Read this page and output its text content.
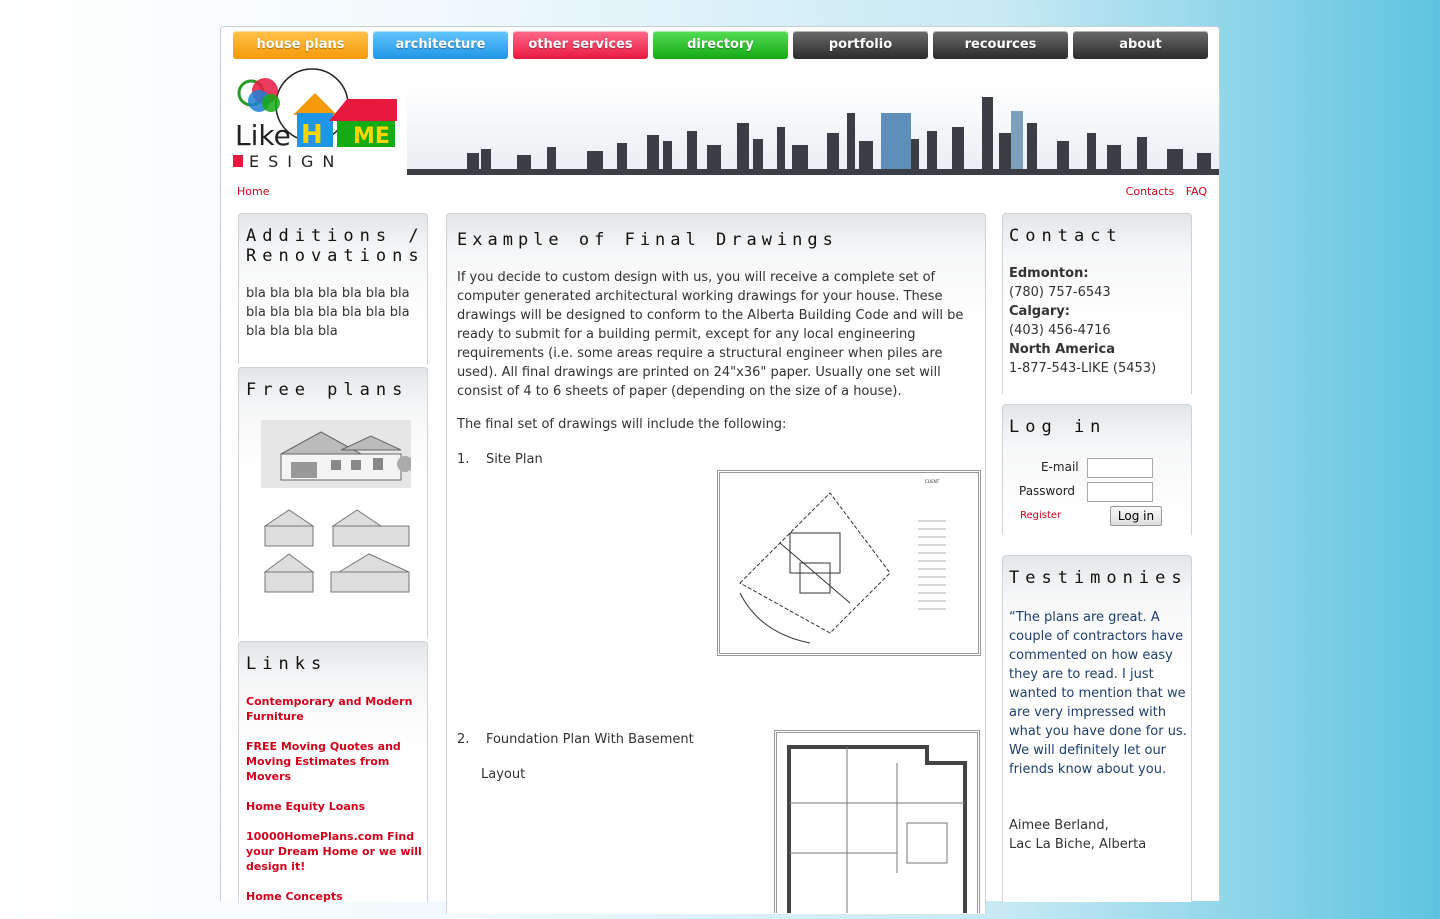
house plans	architecture	other services	directory	portfolio	recources	about
Like H ME
ESIGN
Home	Contacts FAQ
Additions / Renovations
bla bla bla bla bla bla bla bla bla bla bla bla bla bla bla bla bla bla
Free plans
Links
Contemporary and Modern Furniture
FREE Moving Quotes and Moving Estimates from Movers
Home Equity Loans
10000HomePlans.com Find your Dream Home or we will design it!
Home Concepts
Example of Final Drawings
If you decide to custom design with us, you will receive a complete set of computer generated architectural working drawings for your house. These drawings will be designed to conform to the Alberta Building Code and will be ready to submit for a building permit, except for any local engineering requirements (i.e. some areas require a structural engineer when piles are used). All final drawings are printed on 24"x36" paper. Usually one set will consist of 4 to 6 sheets of paper (depending on the size of a house).
The final set of drawings will include the following:
1. Site Plan
CLIENT
2. Foundation Plan With Basement
Layout
Contact
Edmonton:
(780) 757-6543
Calgary:
(403) 456-4716
North America
1-877-543-LIKE (5453)
Log in
E-mail
Password
Register	Log in
Testimonies
“The plans are great. A couple of contractors have commented on how easy they are to read. I just wanted to mention that we are very impressed with what you have done for us. We will definitely let our friends know about you.
Aimee Berland,
Lac La Biche, Alberta
